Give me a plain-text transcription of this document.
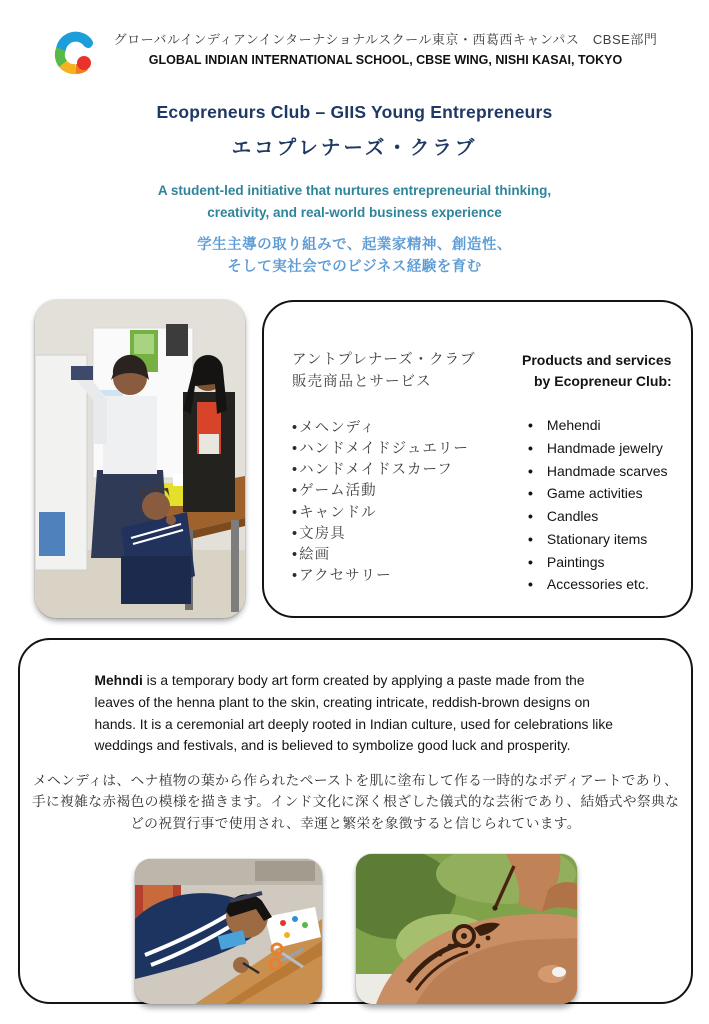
グローバルインディアンインターナショナルスクール東京・西葛西キャンパス　CBSE部門
GLOBAL INDIAN INTERNATIONAL SCHOOL, CBSE WING, NISHI KASAI, TOKYO
Ecopreneurs Club – GIIS Young Entrepreneurs
エコプレナーズ・クラブ
A student-led initiative that nurtures entrepreneurial thinking,
creativity, and real-world business experience
学生主導の取り組みで、起業家精神、創造性、
そして実社会でのビジネス経験を育む
アントプレナーズ・クラブ
販売商品とサービス
• メヘンディ
• ハンドメイドジュエリー
• ハンドメイドスカーフ
• ゲーム活動
• キャンドル
• 文房具
• 絵画
• アクセサリー
Products and services
by Ecopreneur Club:
• Mehendi
• Handmade jewelry
• Handmade scarves
• Game activities
• Candles
• Stationary items
• Paintings
• Accessories etc.

Mehndi is a temporary body art form created by applying a paste made from the leaves of the henna plant to the skin, creating intricate, reddish-brown designs on hands. It is a ceremonial art deeply rooted in Indian culture, used for celebrations like weddings and festivals, and is believed to symbolize good luck and prosperity.

メヘンディは、ヘナ植物の葉から作られたペーストを肌に塗布して作る一時的なボディアートであり、手に複雑な赤褐色の模様を描きます。インド文化に深く根ざした儀式的な芸術であり、結婚式や祭典などの祝賀行事で使用され、幸運と繁栄を象徴すると信じられています。
